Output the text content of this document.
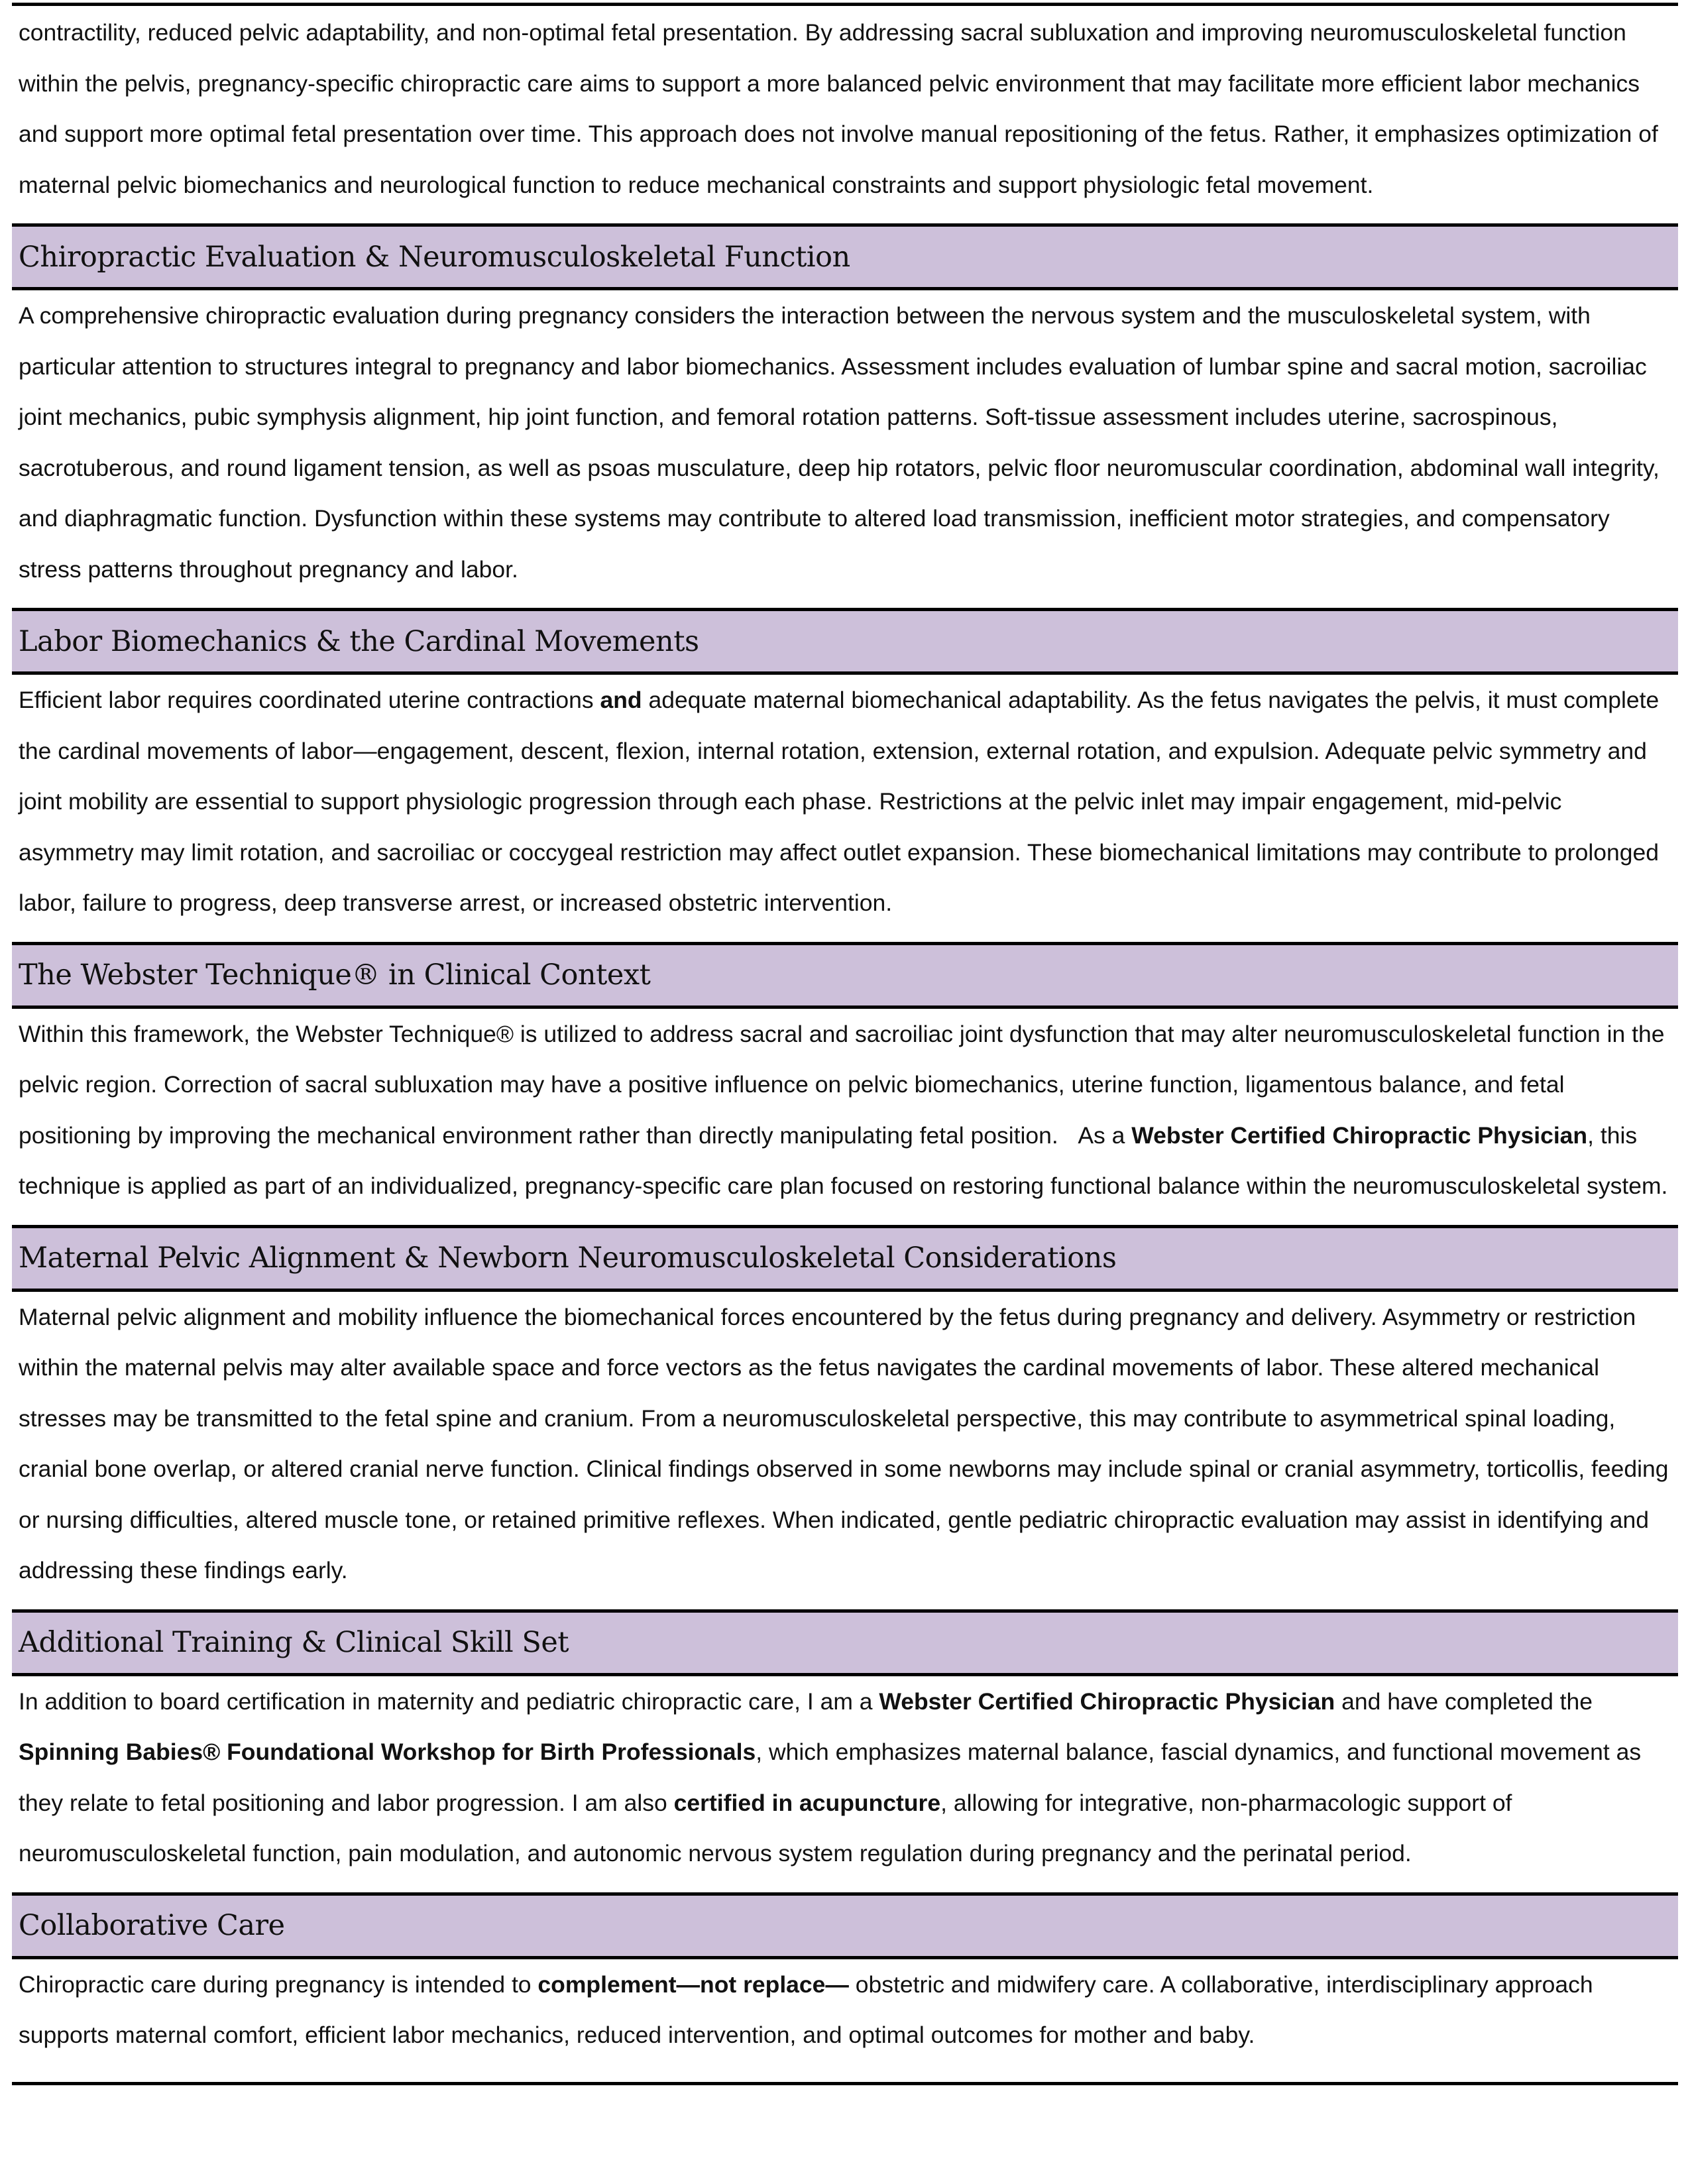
contractility, reduced pelvic adaptability, and non-optimal fetal presentation. By addressing sacral subluxation and improving neuromusculoskeletal function within the pelvis, pregnancy-specific chiropractic care aims to support a more balanced pelvic environment that may facilitate more efficient labor mechanics and support more optimal fetal presentation over time. This approach does not involve manual repositioning of the fetus. Rather, it emphasizes optimization of maternal pelvic biomechanics and neurological function to reduce mechanical constraints and support physiologic fetal movement.

Chiropractic Evaluation & Neuromusculoskeletal Function

A comprehensive chiropractic evaluation during pregnancy considers the interaction between the nervous system and the musculoskeletal system, with particular attention to structures integral to pregnancy and labor biomechanics. Assessment includes evaluation of lumbar spine and sacral motion, sacroiliac joint mechanics, pubic symphysis alignment, hip joint function, and femoral rotation patterns. Soft-tissue assessment includes uterine, sacrospinous, sacrotuberous, and round ligament tension, as well as psoas musculature, deep hip rotators, pelvic floor neuromuscular coordination, abdominal wall integrity, and diaphragmatic function. Dysfunction within these systems may contribute to altered load transmission, inefficient motor strategies, and compensatory stress patterns throughout pregnancy and labor.

Labor Biomechanics & the Cardinal Movements

Efficient labor requires coordinated uterine contractions and adequate maternal biomechanical adaptability. As the fetus navigates the pelvis, it must complete the cardinal movements of labor—engagement, descent, flexion, internal rotation, extension, external rotation, and expulsion. Adequate pelvic symmetry and joint mobility are essential to support physiologic progression through each phase. Restrictions at the pelvic inlet may impair engagement, mid-pelvic asymmetry may limit rotation, and sacroiliac or coccygeal restriction may affect outlet expansion. These biomechanical limitations may contribute to prolonged labor, failure to progress, deep transverse arrest, or increased obstetric intervention.

The Webster Technique® in Clinical Context

Within this framework, the Webster Technique® is utilized to address sacral and sacroiliac joint dysfunction that may alter neuromusculoskeletal function in the pelvic region. Correction of sacral subluxation may have a positive influence on pelvic biomechanics, uterine function, ligamentous balance, and fetal positioning by improving the mechanical environment rather than directly manipulating fetal position.   As a Webster Certified Chiropractic Physician, this technique is applied as part of an individualized, pregnancy-specific care plan focused on restoring functional balance within the neuromusculoskeletal system.

Maternal Pelvic Alignment & Newborn Neuromusculoskeletal Considerations

Maternal pelvic alignment and mobility influence the biomechanical forces encountered by the fetus during pregnancy and delivery. Asymmetry or restriction within the maternal pelvis may alter available space and force vectors as the fetus navigates the cardinal movements of labor. These altered mechanical stresses may be transmitted to the fetal spine and cranium. From a neuromusculoskeletal perspective, this may contribute to asymmetrical spinal loading, cranial bone overlap, or altered cranial nerve function. Clinical findings observed in some newborns may include spinal or cranial asymmetry, torticollis, feeding or nursing difficulties, altered muscle tone, or retained primitive reflexes. When indicated, gentle pediatric chiropractic evaluation may assist in identifying and addressing these findings early.

Additional Training & Clinical Skill Set

In addition to board certification in maternity and pediatric chiropractic care, I am a Webster Certified Chiropractic Physician and have completed the Spinning Babies® Foundational Workshop for Birth Professionals, which emphasizes maternal balance, fascial dynamics, and functional movement as they relate to fetal positioning and labor progression. I am also certified in acupuncture, allowing for integrative, non-pharmacologic support of neuromusculoskeletal function, pain modulation, and autonomic nervous system regulation during pregnancy and the perinatal period.

Collaborative Care

Chiropractic care during pregnancy is intended to complement—not replace— obstetric and midwifery care. A collaborative, interdisciplinary approach supports maternal comfort, efficient labor mechanics, reduced intervention, and optimal outcomes for mother and baby.
